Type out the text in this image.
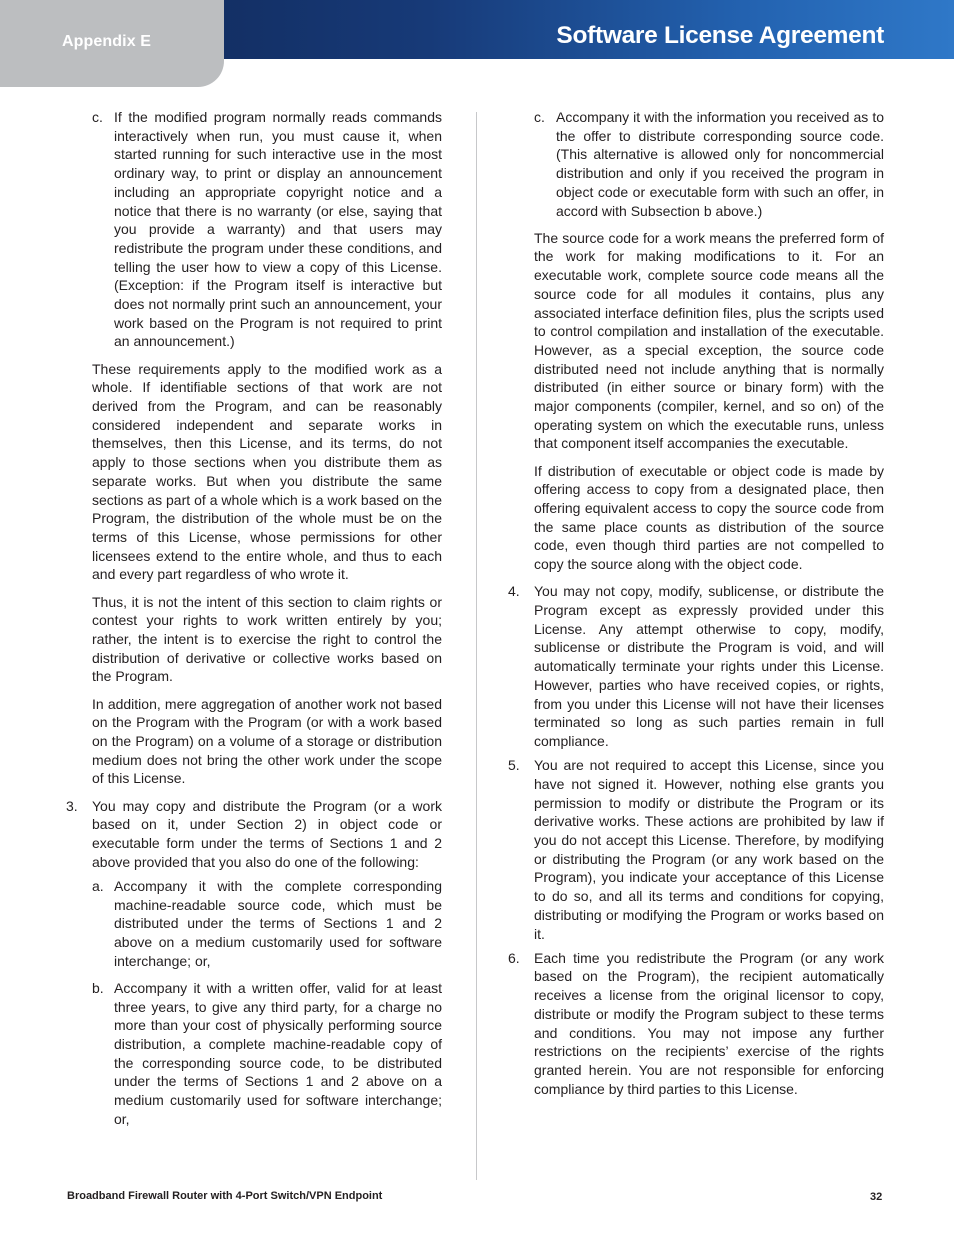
Appendix E	Software License Agreement
c. If the modified program normally reads commands interactively when run, you must cause it, when started running for such interactive use in the most ordinary way, to print or display an announcement including an appropriate copyright notice and a notice that there is no warranty (or else, saying that you provide a warranty) and that users may redistribute the program under these conditions, and telling the user how to view a copy of this License. (Exception: if the Program itself is interactive but does not normally print such an announcement, your work based on the Program is not required to print an announcement.)

These requirements apply to the modified work as a whole. If identifiable sections of that work are not derived from the Program, and can be reasonably considered independent and separate works in themselves, then this License, and its terms, do not apply to those sections when you distribute them as separate works. But when you distribute the same sections as part of a whole which is a work based on the Program, the distribution of the whole must be on the terms of this License, whose permissions for other licensees extend to the entire whole, and thus to each and every part regardless of who wrote it.

Thus, it is not the intent of this section to claim rights or contest your rights to work written entirely by you; rather, the intent is to exercise the right to control the distribution of derivative or collective works based on the Program.

In addition, mere aggregation of another work not based on the Program with the Program (or with a work based on the Program) on a volume of a storage or distribution medium does not bring the other work under the scope of this License.

3. You may copy and distribute the Program (or a work based on it, under Section 2) in object code or executable form under the terms of Sections 1 and 2 above provided that you also do one of the following:
a. Accompany it with the complete corresponding machine-readable source code, which must be distributed under the terms of Sections 1 and 2 above on a medium customarily used for software interchange; or,
b. Accompany it with a written offer, valid for at least three years, to give any third party, for a charge no more than your cost of physically performing source distribution, a complete machine-readable copy of the corresponding source code, to be distributed under the terms of Sections 1 and 2 above on a medium customarily used for software interchange; or,
c. Accompany it with the information you received as to the offer to distribute corresponding source code. (This alternative is allowed only for noncommercial distribution and only if you received the program in object code or executable form with such an offer, in accord with Subsection b above.)

The source code for a work means the preferred form of the work for making modifications to it. For an executable work, complete source code means all the source code for all modules it contains, plus any associated interface definition files, plus the scripts used to control compilation and installation of the executable. However, as a special exception, the source code distributed need not include anything that is normally distributed (in either source or binary form) with the major components (compiler, kernel, and so on) of the operating system on which the executable runs, unless that component itself accompanies the executable.

If distribution of executable or object code is made by offering access to copy from a designated place, then offering equivalent access to copy the source code from the same place counts as distribution of the source code, even though third parties are not compelled to copy the source along with the object code.

4. You may not copy, modify, sublicense, or distribute the Program except as expressly provided under this License. Any attempt otherwise to copy, modify, sublicense or distribute the Program is void, and will automatically terminate your rights under this License. However, parties who have received copies, or rights, from you under this License will not have their licenses terminated so long as such parties remain in full compliance.
5. You are not required to accept this License, since you have not signed it. However, nothing else grants you permission to modify or distribute the Program or its derivative works. These actions are prohibited by law if you do not accept this License. Therefore, by modifying or distributing the Program (or any work based on the Program), you indicate your acceptance of this License to do so, and all its terms and conditions for copying, distributing or modifying the Program or works based on it.
6. Each time you redistribute the Program (or any work based on the Program), the recipient automatically receives a license from the original licensor to copy, distribute or modify the Program subject to these terms and conditions. You may not impose any further restrictions on the recipients’ exercise of the rights granted herein. You are not responsible for enforcing compliance by third parties to this License.
Broadband Firewall Router with 4-Port Switch/VPN Endpoint	32
